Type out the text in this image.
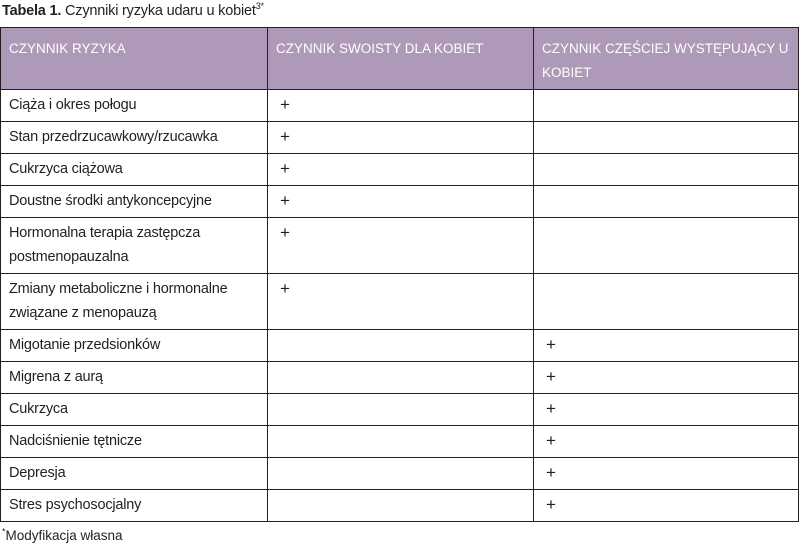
Tabela 1. Czynniki ryzyka udaru u kobiet$^{3*}$
CZYNNIK RYZYKA	CZYNNIK SWOISTY DLA KOBIET	CZYNNIK CZĘŚCIEJ WYSTĘPUJĄCY U KOBIET
Ciąża i okres połogu	+	
Stan przedrzucawkowy/rzucawka	+	
Cukrzyca ciążowa	+	
Doustne środki antykoncepcyjne	+	
Hormonalna terapia zastępcza postmenopauzalna	+	
Zmiany metaboliczne i hormonalne związane z menopauzą	+	
Migotanie przedsionków		+
Migrena z aurą		+
Cukrzyca		+
Nadciśnienie tętnicze		+
Depresja		+
Stres psychosocjalny		+
*Modyfikacja własna
